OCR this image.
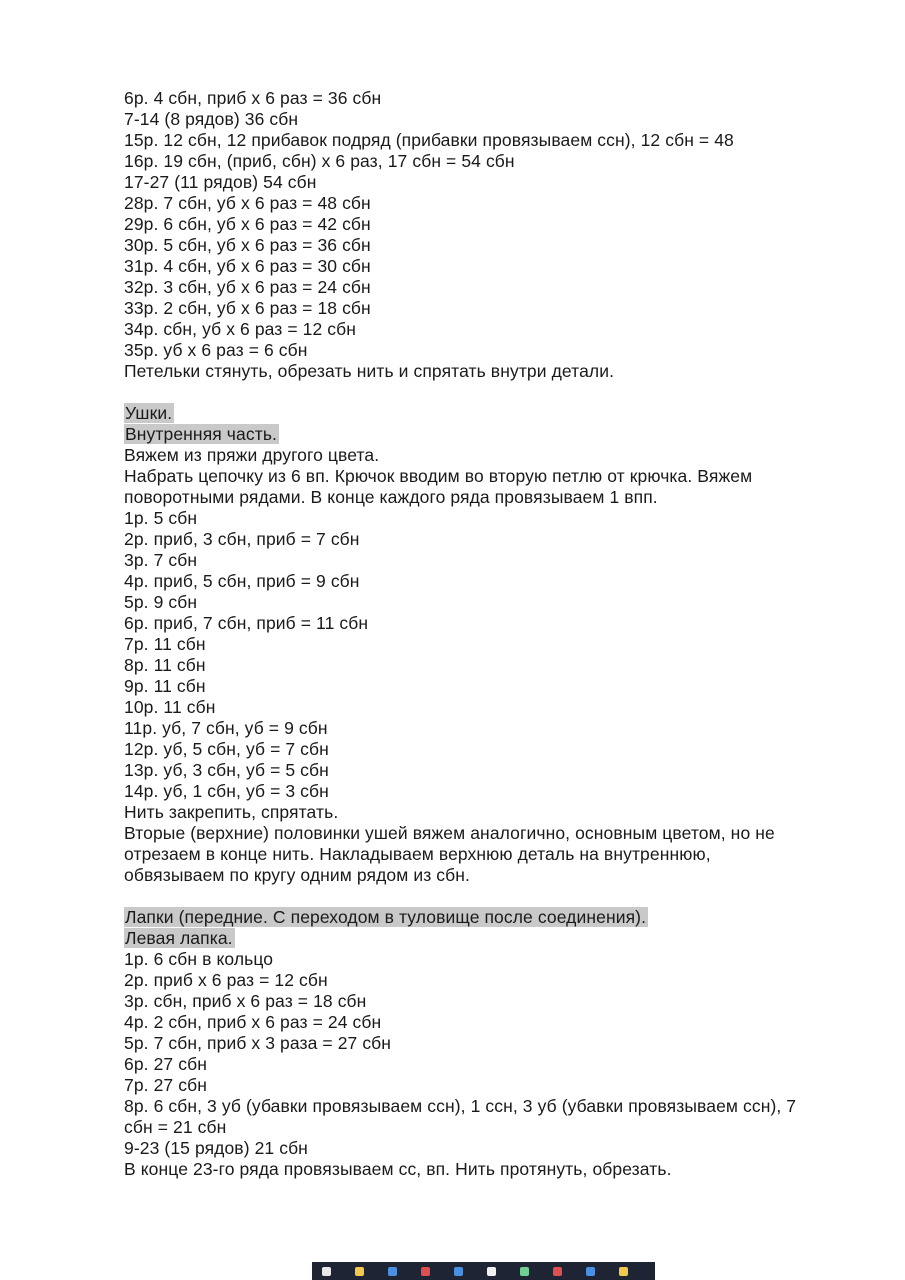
6р. 4 сбн, приб х 6 раз = 36 сбн
7-14 (8 рядов) 36 сбн
15р. 12 сбн, 12 прибавок подряд (прибавки провязываем ссн), 12 сбн = 48
16р. 19 сбн, (приб, сбн) х 6 раз, 17 сбн = 54 сбн
17-27 (11 рядов) 54 сбн
28р. 7 сбн, уб х 6 раз = 48 сбн
29р. 6 сбн, уб х 6 раз = 42 сбн
30р. 5 сбн, уб х 6 раз = 36 сбн
31р. 4 сбн, уб х 6 раз = 30 сбн
32р. 3 сбн, уб х 6 раз = 24 сбн
33р. 2 сбн, уб х 6 раз = 18 сбн
34р. сбн, уб х 6 раз = 12 сбн
35р. уб х 6 раз = 6 сбн
Петельки стянуть, обрезать нить и спрятать внутри детали.
Ушки.
Внутренняя часть.
Вяжем из пряжи другого цвета.
Набрать цепочку из 6 вп. Крючок вводим во вторую петлю от крючка. Вяжем
поворотными рядами. В конце каждого ряда провязываем 1 впп.
1р. 5 сбн
2р. приб, 3 сбн, приб = 7 сбн
3р. 7 сбн
4р. приб, 5 сбн, приб = 9 сбн
5р. 9 сбн
6р. приб, 7 сбн, приб = 11 сбн
7р. 11 сбн
8р. 11 сбн
9р. 11 сбн
10р. 11 сбн
11р. уб, 7 сбн, уб = 9 сбн
12р. уб, 5 сбн, уб = 7 сбн
13р. уб, 3 сбн, уб = 5 сбн
14р. уб, 1 сбн, уб = 3 сбн
Нить закрепить, спрятать.
Вторые (верхние) половинки ушей вяжем аналогично, основным цветом, но не
отрезаем в конце нить. Накладываем верхнюю деталь на внутреннюю,
обвязываем по кругу одним рядом из сбн.
Лапки (передние. С переходом в туловище после соединения).
Левая лапка.
1р. 6 сбн в кольцо
2р. приб х 6 раз = 12 сбн
3р. сбн, приб х 6 раз = 18 сбн
4р. 2 сбн, приб х 6 раз = 24 сбн
5р. 7 сбн, приб х 3 раза = 27 сбн
6р. 27 сбн
7р. 27 сбн
8р. 6 сбн, 3 уб (убавки провязываем ссн), 1 ссн, 3 уб (убавки провязываем ссн), 7
сбн = 21 сбн
9-23 (15 рядов) 21 сбн
В конце 23-го ряда провязываем сс, вп. Нить протянуть, обрезать.
